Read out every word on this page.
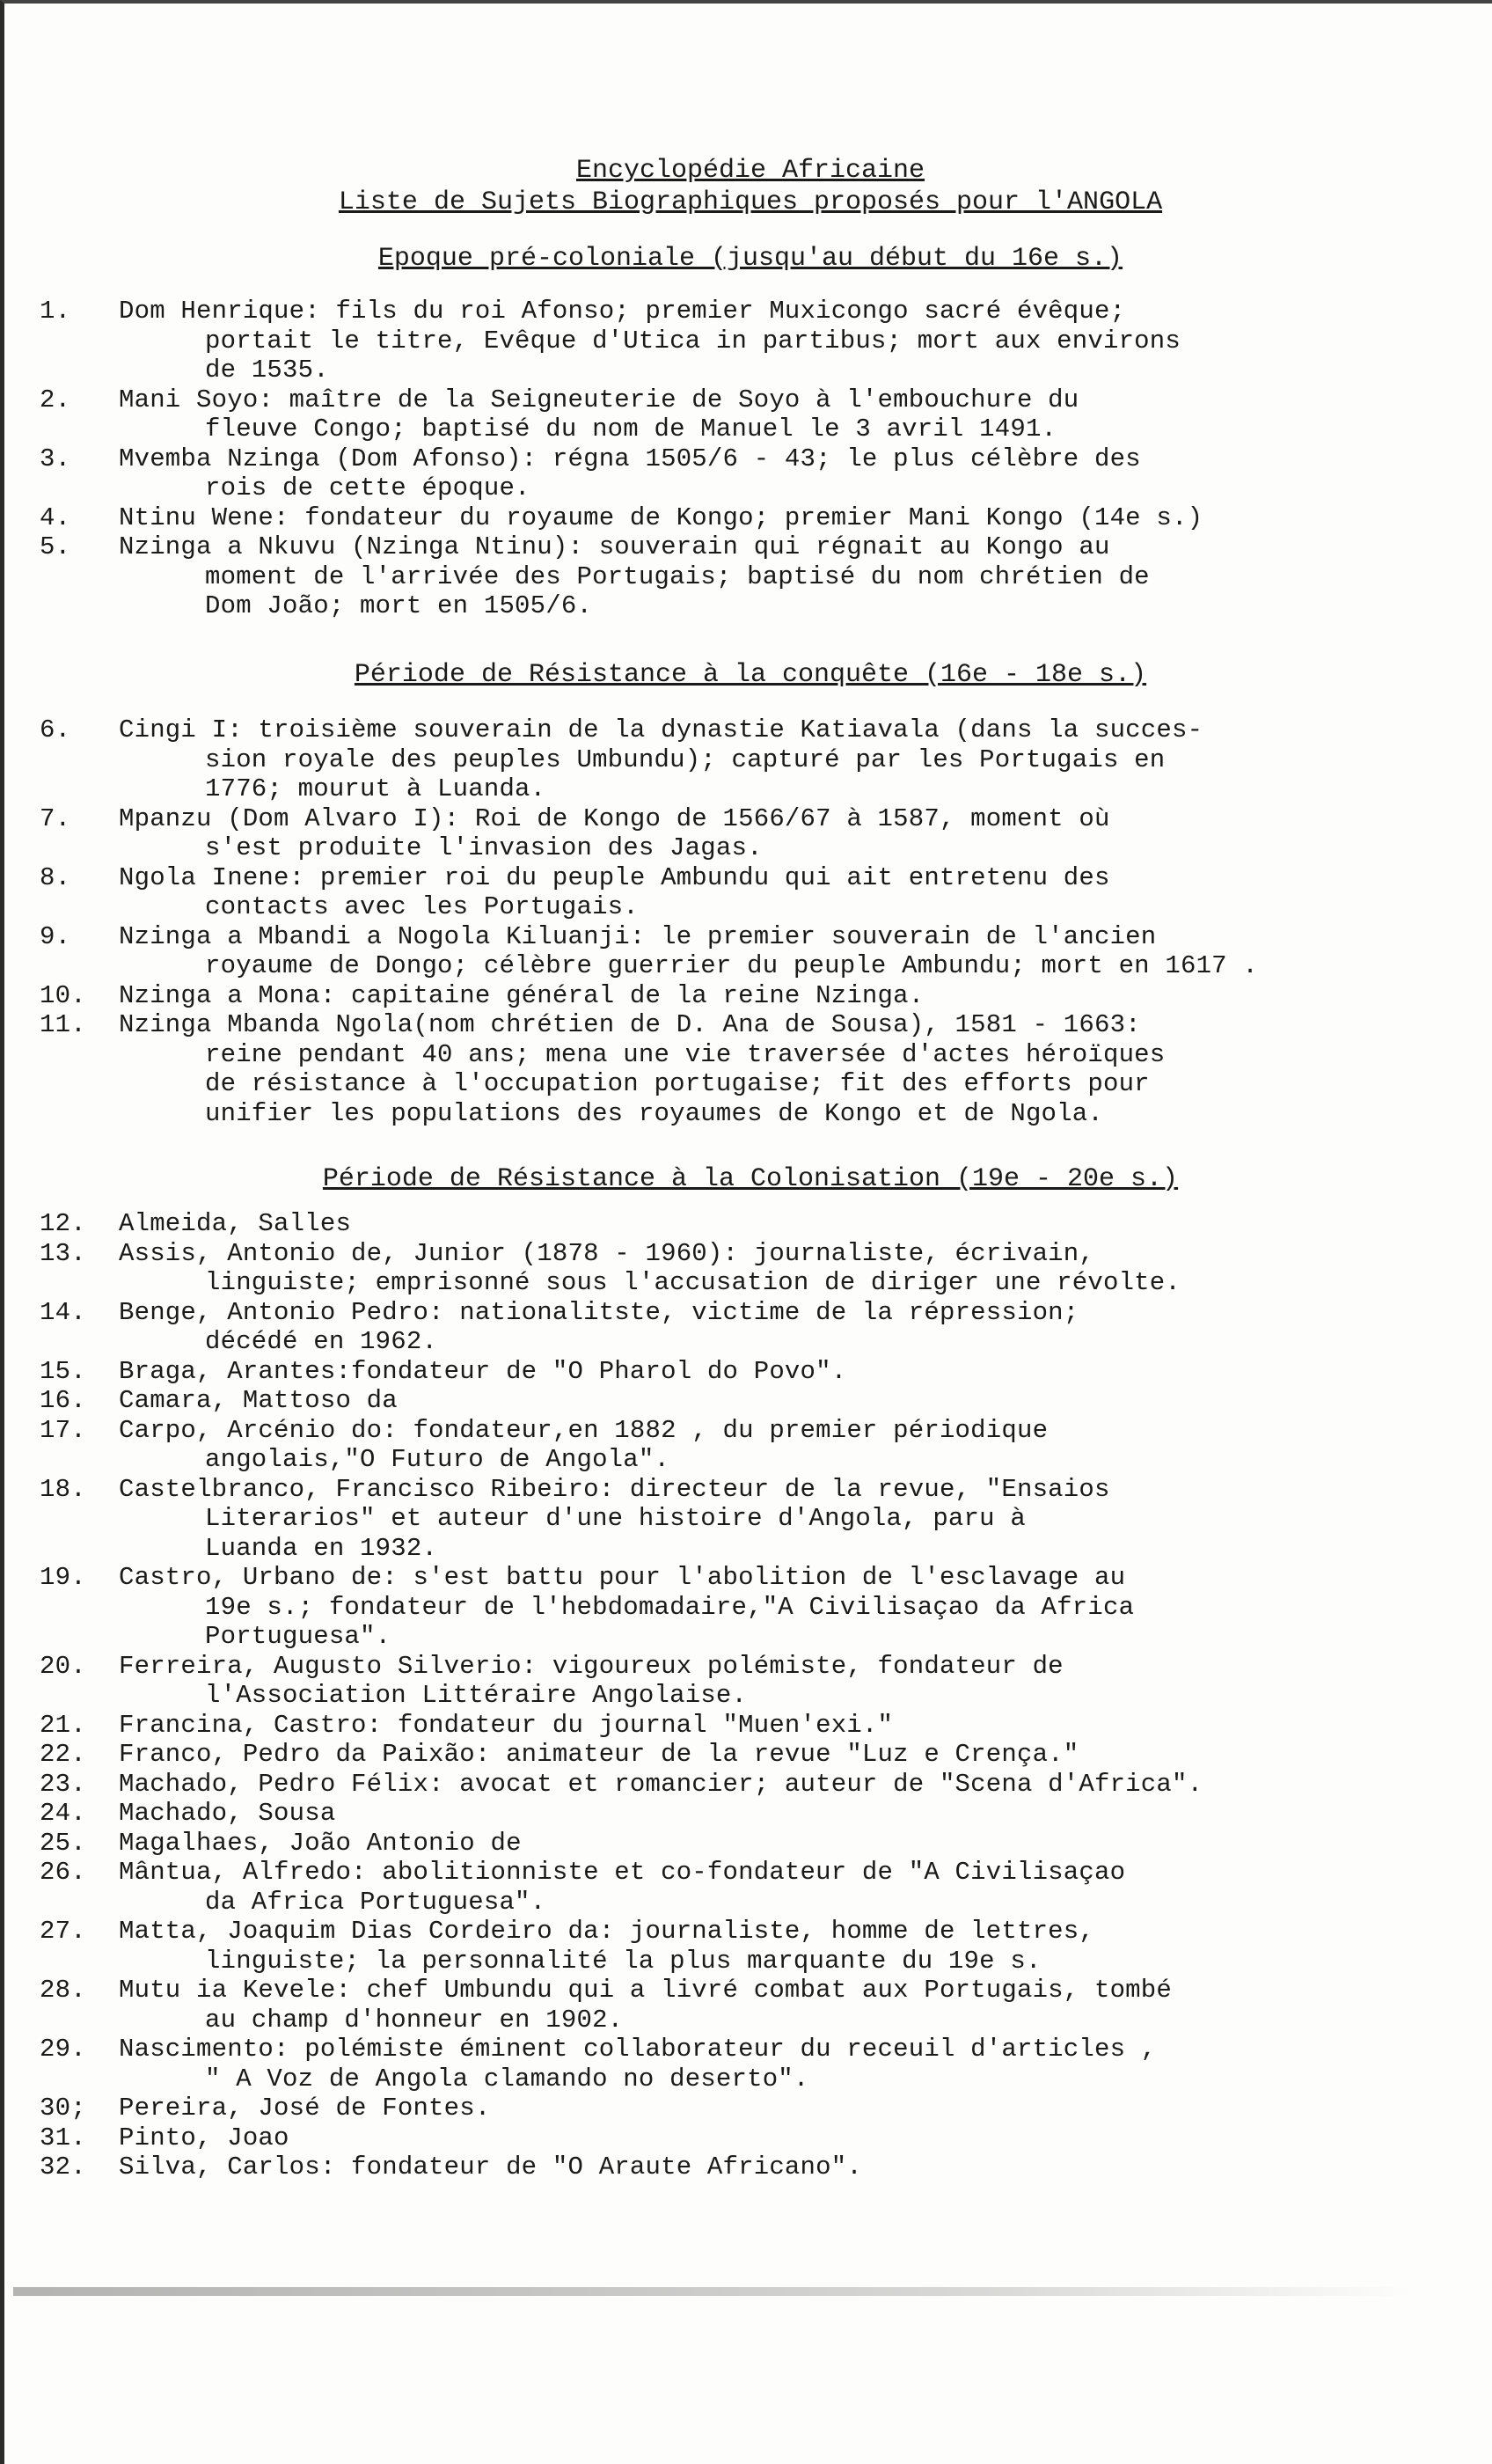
Encyclopédie Africaine
Liste de Sujets Biographiques proposés pour l'ANGOLA
Epoque pré-coloniale (jusqu'au début du 16e s.)
1.	Dom Henrique: fils du roi Afonso; premier Muxicongo sacré évêque;
portait le titre, Evêque d'Utica in partibus; mort aux environs
de 1535.
2.	Mani Soyo: maître de la Seigneuterie de Soyo à l'embouchure du
fleuve Congo; baptisé du nom de Manuel le 3 avril 1491.
3.	Mvemba Nzinga (Dom Afonso): régna 1505/6 - 43; le plus célèbre des
rois de cette époque.
4.	Ntinu Wene: fondateur du royaume de Kongo; premier Mani Kongo (14e s.)
5.	Nzinga a Nkuvu (Nzinga Ntinu): souverain qui régnait au Kongo au
moment de l'arrivée des Portugais; baptisé du nom chrétien de
Dom João; mort en 1505/6.
Période de Résistance à la conquête (16e - 18e s.)
6.	Cingi I: troisième souverain de la dynastie Katiavala (dans la succes-
sion royale des peuples Umbundu); capturé par les Portugais en
1776; mourut à Luanda.
7.	Mpanzu (Dom Alvaro I): Roi de Kongo de 1566/67 à 1587, moment où
s'est produite l'invasion des Jagas.
8.	Ngola Inene: premier roi du peuple Ambundu qui ait entretenu des
contacts avec les Portugais.
9.	Nzinga a Mbandi a Nogola Kiluanji: le premier souverain de l'ancien
royaume de Dongo; célèbre guerrier du peuple Ambundu; mort en 1617 .
10.	Nzinga a Mona: capitaine général de la reine Nzinga.
11.	Nzinga Mbanda Ngola(nom chrétien de D. Ana de Sousa), 1581 - 1663:
reine pendant 40 ans; mena une vie traversée d'actes héroïques
de résistance à l'occupation portugaise; fit des efforts pour
unifier les populations des royaumes de Kongo et de Ngola.
Période de Résistance à la Colonisation (19e - 20e s.)
12.	Almeida, Salles
13.	Assis, Antonio de, Junior (1878 - 1960): journaliste, écrivain,
linguiste; emprisonné sous l'accusation de diriger une révolte.
14.	Benge, Antonio Pedro: nationalitste, victime de la répression;
décédé en 1962.
15.	Braga, Arantes:fondateur de "O Pharol do Povo".
16.	Camara, Mattoso da
17.	Carpo, Arcénio do: fondateur,en 1882 , du premier périodique
angolais,"O Futuro de Angola".
18.	Castelbranco, Francisco Ribeiro: directeur de la revue, "Ensaios
Literarios" et auteur d'une histoire d'Angola, paru à
Luanda en 1932.
19.	Castro, Urbano de: s'est battu pour l'abolition de l'esclavage au
19e s.; fondateur de l'hebdomadaire,"A Civilisaçao da Africa
Portuguesa".
20.	Ferreira, Augusto Silverio: vigoureux polémiste, fondateur de
l'Association Littéraire Angolaise.
21.	Francina, Castro: fondateur du journal "Muen'exi."
22.	Franco, Pedro da Paixão: animateur de la revue "Luz e Crença."
23.	Machado, Pedro Félix: avocat et romancier; auteur de "Scena d'Africa".
24.	Machado, Sousa
25.	Magalhaes, João Antonio de
26.	Mântua, Alfredo: abolitionniste et co-fondateur de "A Civilisaçao
da Africa Portuguesa".
27.	Matta, Joaquim Dias Cordeiro da: journaliste, homme de lettres,
linguiste; la personnalité la plus marquante du 19e s.
28.	Mutu ia Kevele: chef Umbundu qui a livré combat aux Portugais, tombé
au champ d'honneur en 1902.
29.	Nascimento: polémiste éminent collaborateur du receuil d'articles ,
" A Voz de Angola clamando no deserto".
30;	Pereira, José de Fontes.
31.	Pinto, Joao
32.	Silva, Carlos: fondateur de "O Araute Africano".
